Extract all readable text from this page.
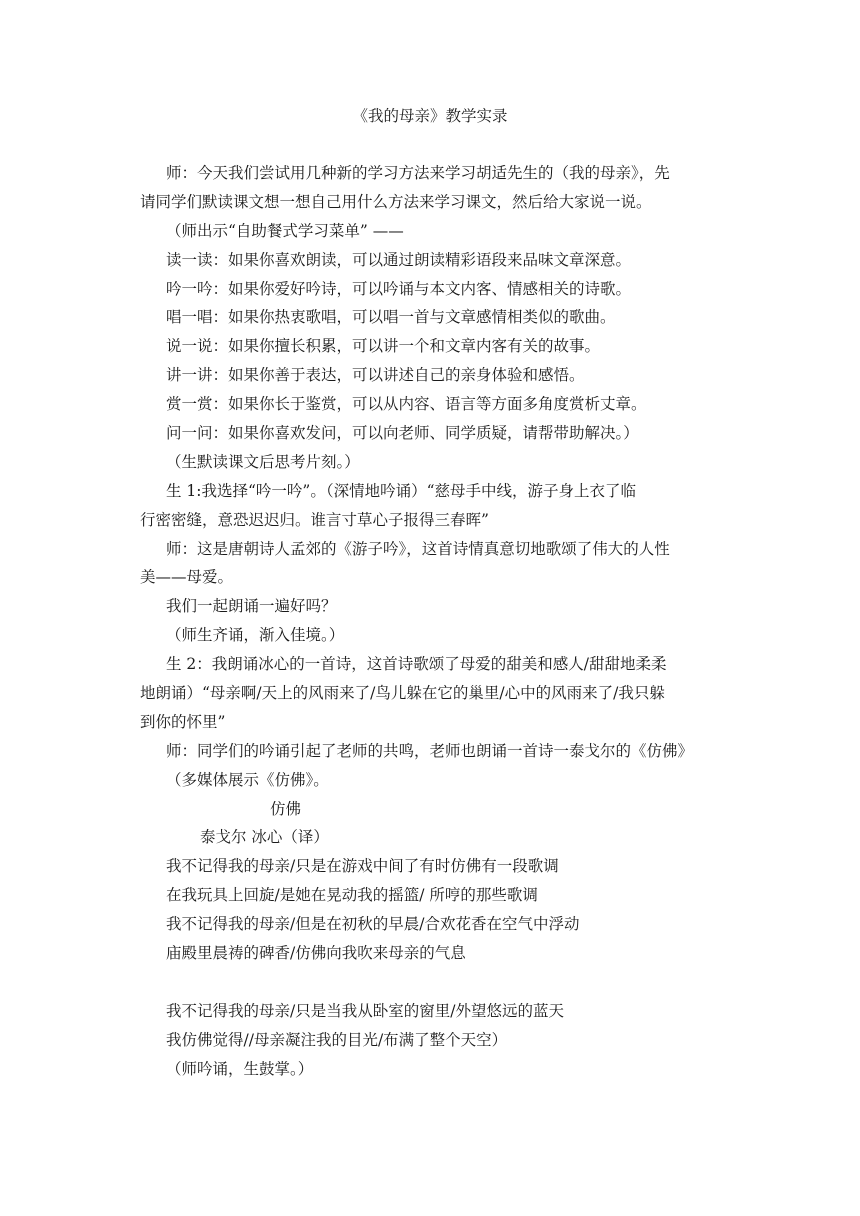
《我的母亲》教学实录
师：今天我们尝试用几种新的学习方法来学习胡适先生的（我的母亲》，先
请同学们默读课文想一想自己用什么方法来学习课文，然后给大家说一说。
（师出示“自助餐式学习菜单” ——
读一读：如果你喜欢朗读，可以通过朗读精彩语段来品味文章深意。
吟一吟：如果你爱好吟诗，可以吟诵与本文内客、情感相关的诗歌。
唱一唱：如果你热衷歌唱，可以唱一首与文章感情相类似的歌曲。
说一说：如果你擅长积累，可以讲一个和文章内客有关的故事。
讲一讲：如果你善于表达，可以讲述自己的亲身体验和感悟。
赏一赏：如果你长于鉴赏，可以从内容、语言等方面多角度赏析丈章。
问一问：如果你喜欢发问，可以向老师、同学质疑，请帮带助解决。）
（生默读课文后思考片刻。）
生 1:我选择“吟一吟”。（深情地吟诵）“慈母手中线，游子身上衣了临
行密密缝，意恐迟迟归。谁言寸草心子报得三春晖”
师：这是唐朝诗人孟郊的《游子吟》，这首诗情真意切地歌颂了伟大的人性
美——母爱。
我们一起朗诵一遍好吗？
（师生齐诵，渐入佳境。）
生 2：我朗诵冰心的一首诗，这首诗歌颂了母爱的甜美和感人/甜甜地柔柔
地朗诵）“母亲啊/天上的风雨来了/鸟儿躲在它的巢里/心中的风雨来了/我只躲
到你的怀里”
师：同学们的吟诵引起了老师的共鸣，老师也朗诵一首诗一泰戈尔的《仿佛》
（多媒体展示《仿佛》。
仿佛
泰戈尔 冰心（译）
我不记得我的母亲/只是在游戏中间了有时仿佛有一段歌调
在我玩具上回旋/是她在晃动我的摇篮/ 所哼的那些歌调
我不记得我的母亲/但是在初秋的早晨/合欢花香在空气中浮动
庙殿里晨祷的碑香/仿佛向我吹来母亲的气息
我不记得我的母亲/只是当我从卧室的窗里/外望悠远的蓝天
我仿佛觉得//母亲凝注我的目光/布满了整个天空）
（师吟诵，生鼓掌。）
